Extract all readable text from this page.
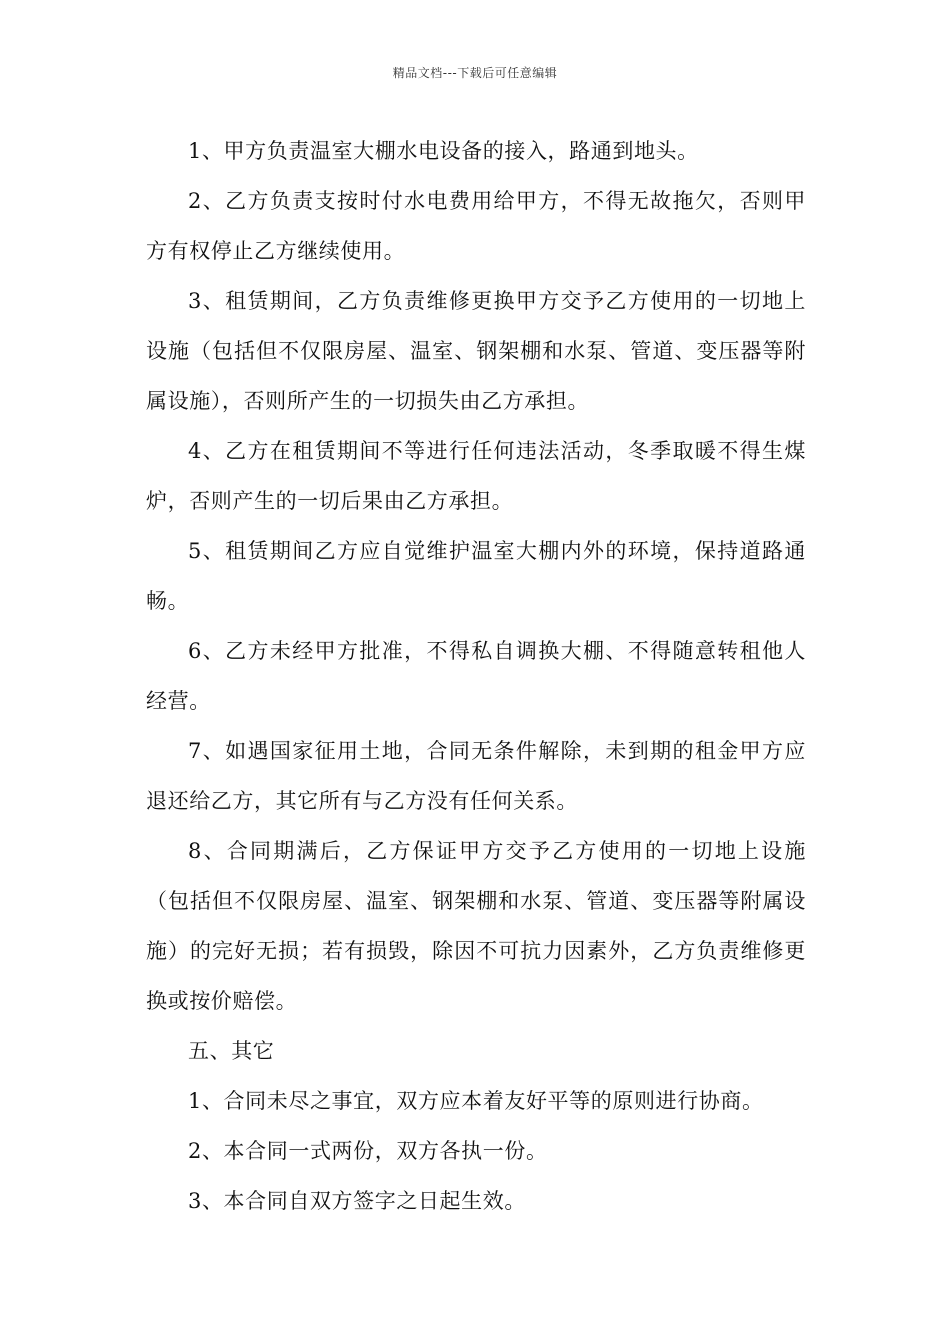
精品文档---下载后可任意编辑

1、甲方负责温室大棚水电设备的接入，路通到地头。

2、乙方负责支按时付水电费用给甲方，不得无故拖欠，否则甲方有权停止乙方继续使用。

3、租赁期间，乙方负责维修更换甲方交予乙方使用的一切地上设施（包括但不仅限房屋、温室、钢架棚和水泵、管道、变压器等附属设施），否则所产生的一切损失由乙方承担。

4、乙方在租赁期间不等进行任何违法活动，冬季取暖不得生煤炉，否则产生的一切后果由乙方承担。

5、租赁期间乙方应自觉维护温室大棚内外的环境，保持道路通畅。

6、乙方未经甲方批准，不得私自调换大棚、不得随意转租他人经营。

7、如遇国家征用土地，合同无条件解除，未到期的租金甲方应退还给乙方，其它所有与乙方没有任何关系。

8、合同期满后，乙方保证甲方交予乙方使用的一切地上设施（包括但不仅限房屋、温室、钢架棚和水泵、管道、变压器等附属设施）的完好无损；若有损毁，除因不可抗力因素外，乙方负责维修更换或按价赔偿。

五、其它

1、合同未尽之事宜，双方应本着友好平等的原则进行协商。

2、本合同一式两份，双方各执一份。

3、本合同自双方签字之日起生效。
